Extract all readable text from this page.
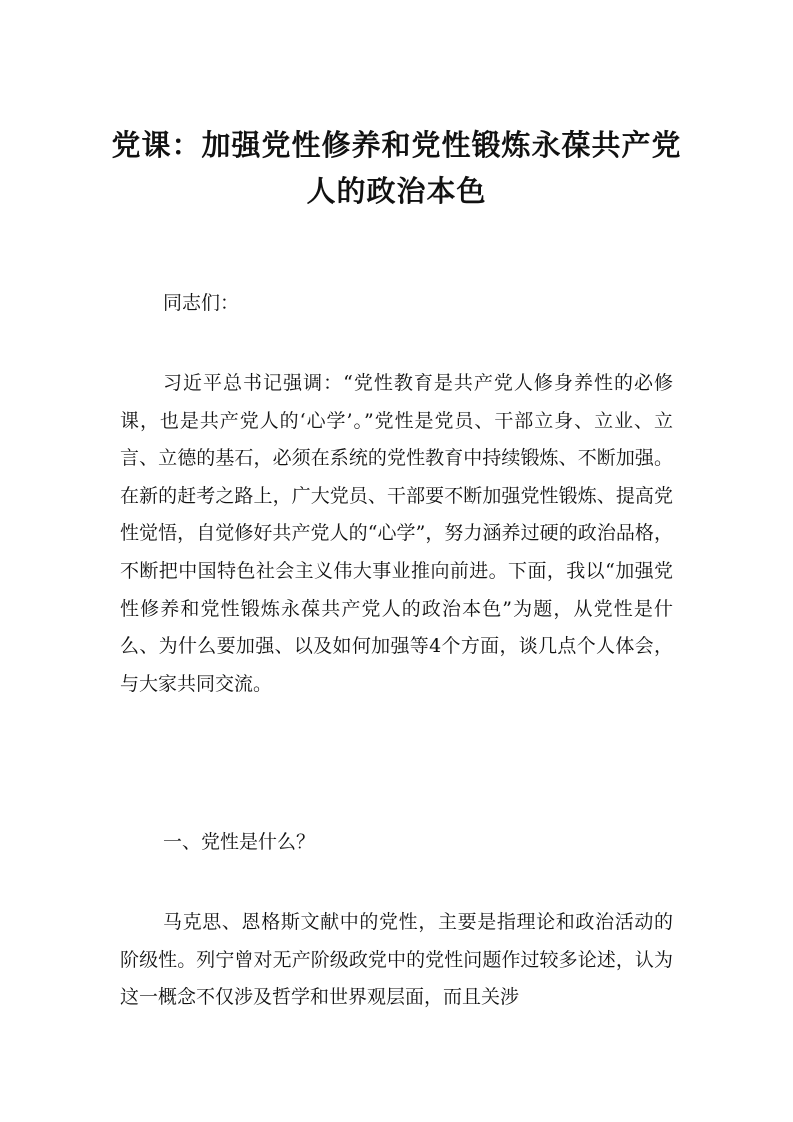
党课：加强党性修养和党性锻炼永葆共产党人的政治本色

同志们：

习近平总书记强调：“党性教育是共产党人修身养性的必修课，也是共产党人的‘心学’。”党性是党员、干部立身、立业、立言、立德的基石，必须在系统的党性教育中持续锻炼、不断加强。在新的赶考之路上，广大党员、干部要不断加强党性锻炼、提高党性觉悟，自觉修好共产党人的“心学”，努力涵养过硬的政治品格，不断把中国特色社会主义伟大事业推向前进。下面，我以“加强党性修养和党性锻炼永葆共产党人的政治本色”为题，从党性是什么、为什么要加强、以及如何加强等4个方面，谈几点个人体会，与大家共同交流。

一、党性是什么？

马克思、恩格斯文献中的党性，主要是指理论和政治活动的阶级性。列宁曾对无产阶级政党中的党性问题作过较多论述，认为这一概念不仅涉及哲学和世界观层面，而且关涉
